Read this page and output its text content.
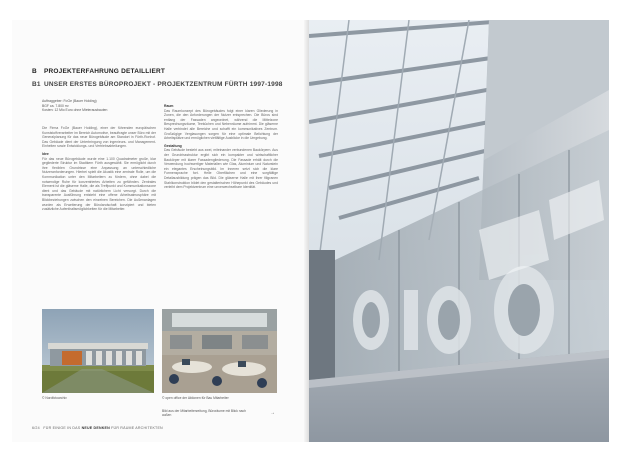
B PROJEKTERFAHRUNG DETAILLIERT
B1 UNSER ERSTES BÜROPROJEKT - PROJEKTZENTRUM FÜRTH 1997-1998
Auftraggeber: FoGe (Bauer Holding)
BGF ca. 7.800 m²
Kosten: 12 Mio Euro ohne Mieterausbauten

Die Firma FoGe (Bauer Holding), einer der führenden europäischen Kunststoffverarbeiter im Bereich Automotive, beauftragte unser Büro mit der Generalplanung für das neue Bürogebäude am Standort in Fürth-Ronhof. Das Gebäude dient der Unterbringung von ingenieurs- und Management-Einheiten sowie Entwicklungs- und Vertriebsabteilungen.

Idee

Für das neue Bürogebäude wurde eine 1.100 Quadratmeter große, klar gegliederte Struktur im Stadtkern Fürth ausgewählt. Sie ermöglicht durch ihre flexiblen Grundrisse eine Anpassung an unterschiedliche Nutzeranforderungen. Hierbei spielt die Akustik eine zentrale Rolle, um die Kommunikation unter den Mitarbeitern zu fördern, ohne dabei die notwendige Ruhe für konzentriertes Arbeiten zu gefährden. Zentrales Element ist die gläserne Halle, die als Treffpunkt und Kommunikationszone dient und das Gebäude mit natürlichem Licht versorgt. Durch die transparente Ausführung entsteht eine offene Arbeitsatmosphäre mit Blickbeziehungen zwischen den einzelnen Bereichen. Die Außenanlagen wurden als Erweiterung der Bürolandschaft konzipiert und bieten zusätzliche Aufenthaltsmöglichkeiten für die Mitarbeiter.

Raum

Das Raumkonzept des Bürogebäudes folgt einer klaren Gliederung in Zonen, die den Anforderungen der Nutzer entsprechen. Die Büros sind entlang der Fassaden angeordnet, während die Mittelzone Besprechungsräume, Teeküchen und Nebenräume aufnimmt. Die gläserne Halle verbindet alle Bereiche und schafft ein kommunikatives Zentrum. Großzügige Verglasungen sorgen für eine optimale Belichtung der Arbeitsplätze und ermöglichen vielfältige Ausblicke in die Umgebung.

Gestaltung

Das Gebäude besteht aus zwei, miteinander verbundenen Baukörpern. Aus der Grundrissstruktur ergibt sich ein kompakter und wirtschaftlicher Baukörper mit klarer Fassadengliederung. Die Fassade erhält durch die Verwendung hochwertiger Materialien wie Glas, Aluminium und Naturstein ein elegantes Erscheinungsbild. Im Inneren setzt sich die klare Formensprache fort. Helle Oberflächen und eine sorgfältige Detailausbildung prägen das Bild. Die gläserne Halle mit ihrer filigranen Stahlkonstruktion bildet den gestalterischen Höhepunkt des Gebäudes und verleiht dem Projektzentrum eine unverwechselbare Identität.

© Nordfotoarchiv	© open office der Aktionen für Bau Mitarbeiter
Bild aus der Mitarbeiterzeitung, Büroräume mit Blick nach außen	→
6/24 FÜR EINIGE IN DAS NEUE DENKEN FÜR RÄUME ARCHITEKTEN
